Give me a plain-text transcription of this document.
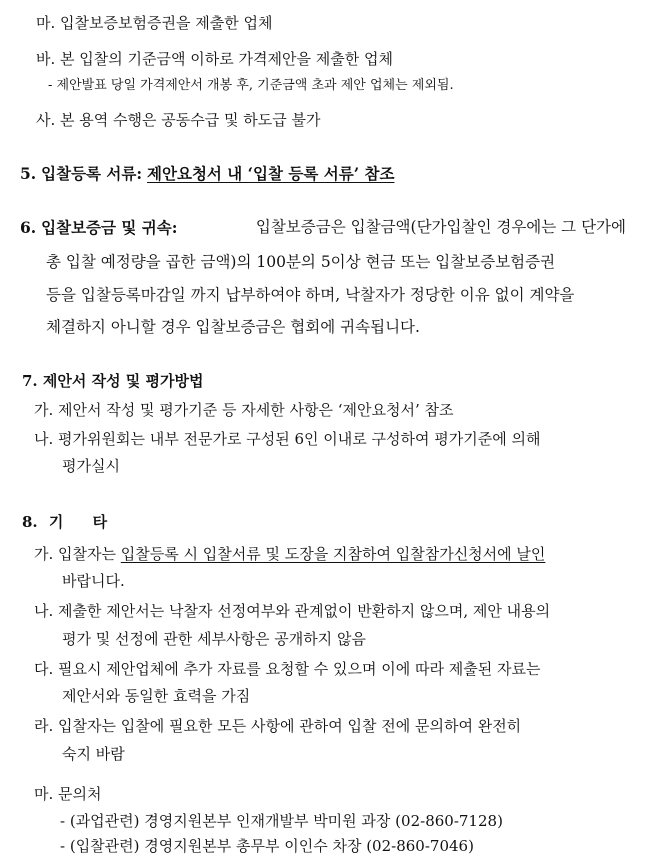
마. 입찰보증보험증권을 제출한 업체
바. 본 입찰의 기준금액 이하로 가격제안을 제출한 업체
- 제안발표 당일 가격제안서 개봉 후, 기준금액 초과 제안 업체는 제외됨.
사. 본 용역 수행은 공동수급 및 하도급 불가
5. 입찰등록 서류: 제안요청서 내 ‘입찰 등록 서류’ 참조
6. 입찰보증금 및 귀속:	입찰보증금은 입찰금액(단가입찰인 경우에는 그 단가에
총 입찰 예정량을 곱한 금액)의 100분의 5이상 현금 또는 입찰보증보험증권
등을 입찰등록마감일 까지 납부하여야 하며, 낙찰자가 정당한 이유 없이 계약을
체결하지 아니할 경우 입찰보증금은 협회에 귀속됩니다.
7. 제안서 작성 및 평가방법
가. 제안서 작성 및 평가기준 등 자세한 사항은 ‘제안요청서’ 참조
나. 평가위원회는 내부 전문가로 구성된 6인 이내로 구성하여 평가기준에 의해
평가실시
8. 기 타
가. 입찰자는 입찰등록 시 입찰서류 및 도장을 지참하여 입찰참가신청서에 날인
바랍니다.
나. 제출한 제안서는 낙찰자 선정여부와 관계없이 반환하지 않으며, 제안 내용의
평가 및 선정에 관한 세부사항은 공개하지 않음
다. 필요시 제안업체에 추가 자료를 요청할 수 있으며 이에 따라 제출된 자료는
제안서와 동일한 효력을 가짐
라. 입찰자는 입찰에 필요한 모든 사항에 관하여 입찰 전에 문의하여 완전히
숙지 바람
마. 문의처
- (과업관련) 경영지원본부 인재개발부 박미원 과장 (02-860-7128)
- (입찰관련) 경영지원본부 총무부 이인수 차장 (02-860-7046)
